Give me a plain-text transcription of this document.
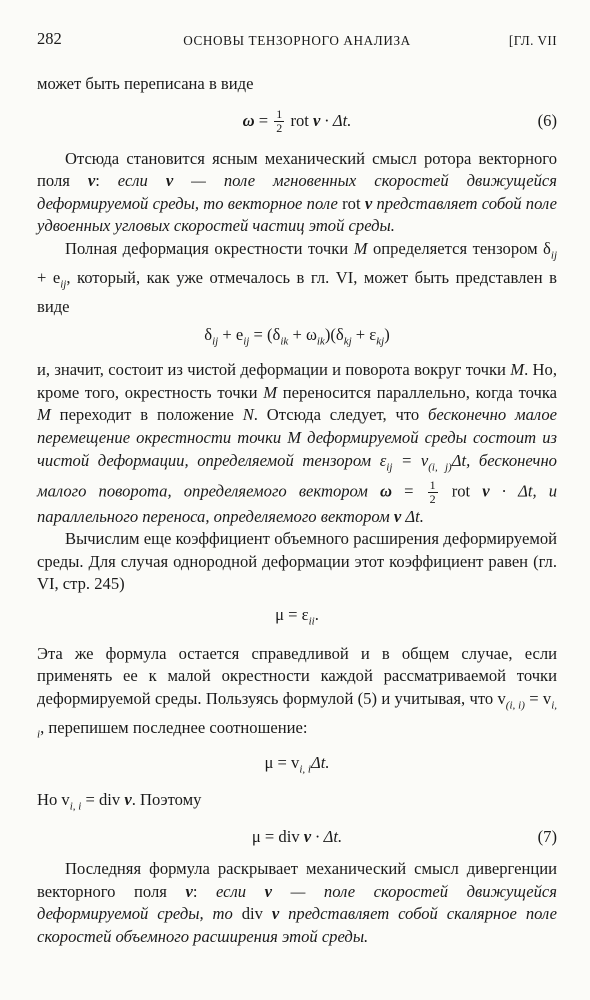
282	ОСНОВЫ ТЕНЗОРНОГО АНАЛИЗА	[ГЛ. VII

может быть переписана в виде

$\omega = \frac{1}{2}$ rot v · Δt.	(6)

Отсюда становится ясным механический смысл ротора векторного поля v: если v — поле мгновенных скоростей движущейся деформируемой среды, то векторное поле rot v представляет собой поле удвоенных угловых скоростей частиц этой среды.

Полная деформация окрестности точки M определяется тензором $\delta_{ij} + e_{ij}$, который, как уже отмечалось в гл. VI, может быть представлен в виде

$\delta_{ij} + e_{ij} = (\delta_{ik} + \omega_{ik})(\delta_{kj} + \varepsilon_{kj})$

и, значит, состоит из чистой деформации и поворота вокруг точки M. Но, кроме того, окрестность точки M переносится параллельно, когда точка M переходит в положение N. Отсюда следует, что бесконечно малое перемещение окрестности точки M деформируемой среды состоит из чистой деформации, определяемой тензором $\varepsilon_{ij} = v_{(i, j)}\Delta t$, бесконечно малого поворота, определяемого вектором $\omega = \frac{1}{2}$ rot v · Δt, и параллельного переноса, определяемого вектором v Δt.

Вычислим еще коэффициент объемного расширения деформируемой среды. Для случая однородной деформации этот коэффициент равен (гл. VI, стр. 245)

$\mu = \varepsilon_{ii}$.

Эта же формула остается справедливой и в общем случае, если применять ее к малой окрестности каждой рассматриваемой точки деформируемой среды. Пользуясь формулой (5) и учитывая, что $v_{(i, i)} = v_{i, i}$, перепишем последнее соотношение:

$\mu = v_{i, i}\Delta t$.

Но $v_{i, i}$ = div v. Поэтому

μ = div v · Δt.	(7)

Последняя формула раскрывает механический смысл дивергенции векторного поля v: если v — поле скоростей движущейся деформируемой среды, то div v представляет собой скалярное поле скоростей объемного расширения этой среды.
